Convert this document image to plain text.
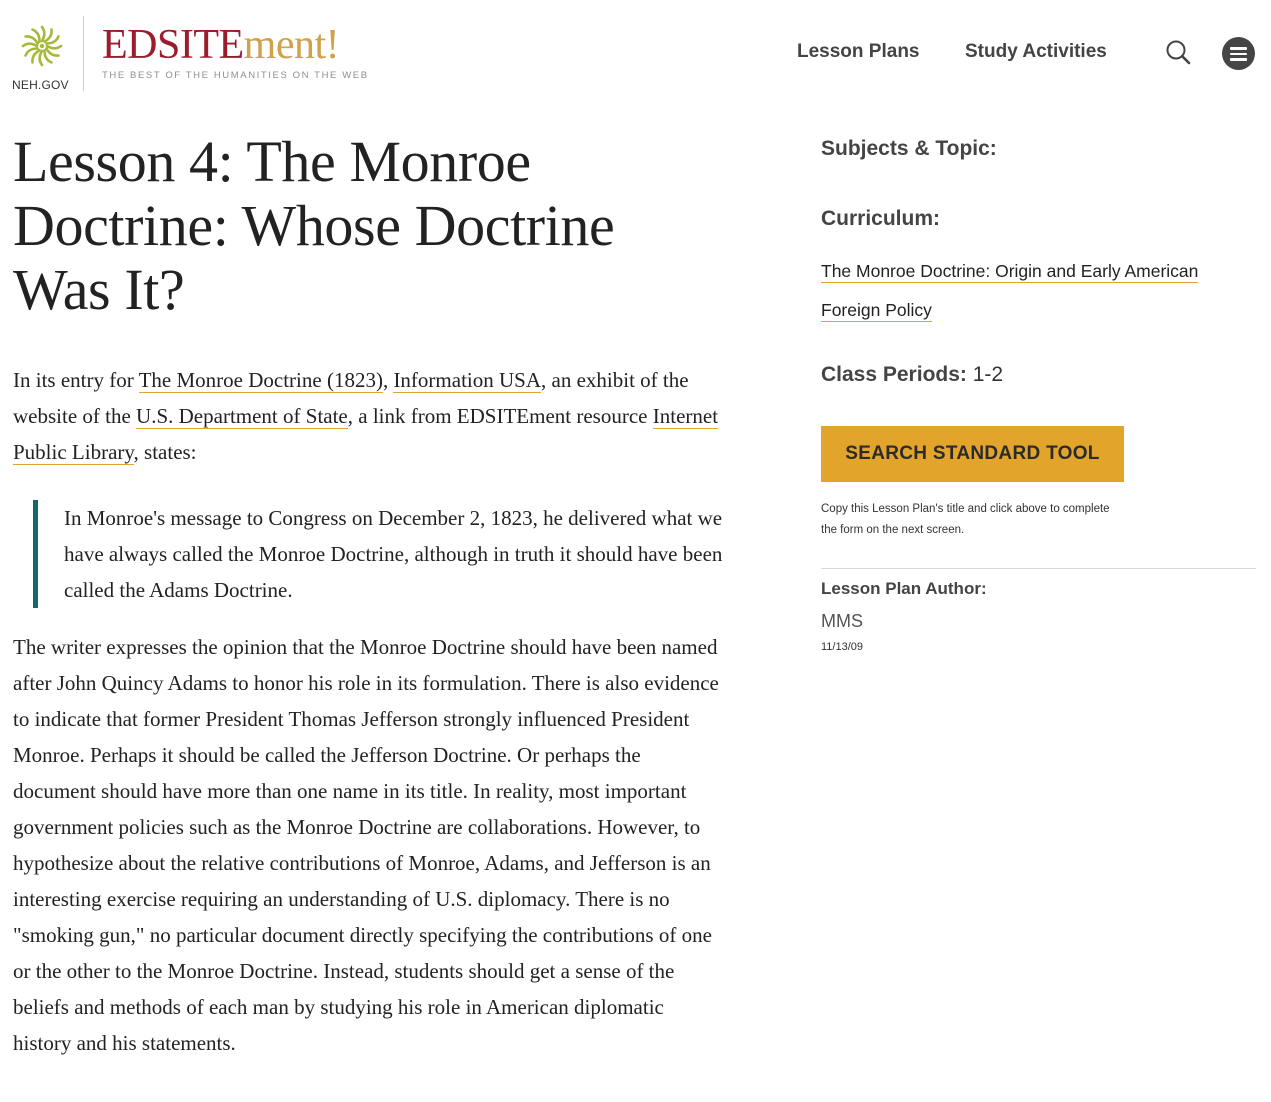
NEH.GOV
EDSITEment!
THE BEST OF THE HUMANITIES ON THE WEB
Lesson Plans Study Activities
Lesson 4: The Monroe Doctrine: Whose Doctrine Was It?

In its entry for The Monroe Doctrine (1823), Information USA, an exhibit of the website of the U.S. Department of State, a link from EDSITEment resource Internet Public Library, states:

In Monroe's message to Congress on December 2, 1823, he delivered what we have always called the Monroe Doctrine, although in truth it should have been called the Adams Doctrine.

The writer expresses the opinion that the Monroe Doctrine should have been named after John Quincy Adams to honor his role in its formulation. There is also evidence to indicate that former President Thomas Jefferson strongly influenced President Monroe. Perhaps it should be called the Jefferson Doctrine. Or perhaps the document should have more than one name in its title. In reality, most important government policies such as the Monroe Doctrine are collaborations. However, to hypothesize about the relative contributions of Monroe, Adams, and Jefferson is an interesting exercise requiring an understanding of U.S. diplomacy. There is no "smoking gun," no particular document directly specifying the contributions of one or the other to the Monroe Doctrine. Instead, students should get a sense of the beliefs and methods of each man by studying his role in American diplomatic history and his statements.

Subjects & Topic:
Curriculum:
The Monroe Doctrine: Origin and Early American Foreign Policy
Class Periods: 1-2
SEARCH STANDARD TOOL

Copy this Lesson Plan's title and click above to complete the form on the next screen.

Lesson Plan Author:
MMS
11/13/09
